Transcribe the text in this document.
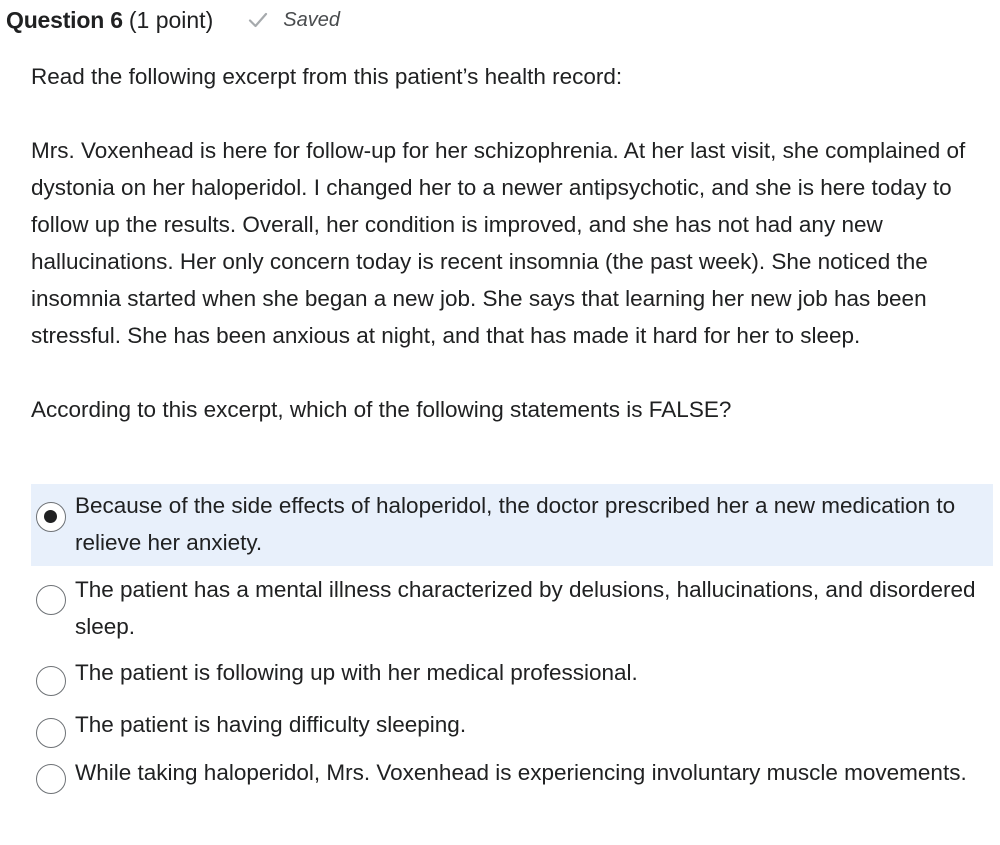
Question 6 (1 point)	Saved

Read the following excerpt from this patient’s health record:

Mrs. Voxenhead is here for follow-up for her schizophrenia. At her last visit, she complained of dystonia on her haloperidol. I changed her to a newer antipsychotic, and she is here today to follow up the results. Overall, her condition is improved, and she has not had any new hallucinations. Her only concern today is recent insomnia (the past week). She noticed the insomnia started when she began a new job. She says that learning her new job has been stressful. She has been anxious at night, and that has made it hard for her to sleep.

According to this excerpt, which of the following statements is FALSE?

Because of the side effects of haloperidol, the doctor prescribed her a new medication to relieve her anxiety.
The patient has a mental illness characterized by delusions, hallucinations, and disordered sleep.
The patient is following up with her medical professional.
The patient is having difficulty sleeping.
While taking haloperidol, Mrs. Voxenhead is experiencing involuntary muscle movements.
